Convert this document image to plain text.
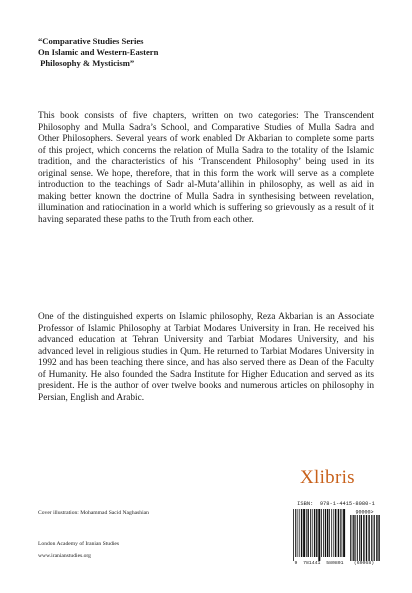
“Comparative Studies Series
On Islamic and Western-Eastern
Philosophy & Mysticism”
This book consists of five chapters, written on two categories: The Transcendent Philosophy and Mulla Sadra’s School, and Comparative Studies of Mulla Sadra and Other Philosophers. Several years of work enabled Dr Akbarian to complete some parts of this project, which concerns the relation of Mulla Sadra to the totality of the Islamic tradition, and the characteristics of his ‘Transcendent Philosophy’ being used in its original sense. We hope, therefore, that in this form the work will serve as a complete introduction to the teachings of Sadr al-Muta’allihin in philosophy, as well as aid in making better known the doctrine of Mulla Sadra in synthesising between revelation, illumination and ratiocination in a world which is suffering so grievously as a result of it having separated these paths to the Truth from each other.
One of the distinguished experts on Islamic philosophy, Reza Akbarian is an Associate Professor of Islamic Philosophy at Tarbiat Modares University in Iran. He received his advanced education at Tehran University and Tarbiat Modares University, and his advanced level in religious studies in Qum. He returned to Tarbiat Modares University in 1992 and has been teaching there since, and has also served there as Dean of the Faculty of Humanity. He also founded the Sadra Institute for Higher Education and served as its president. He is the author of over twelve books and numerous articles on philosophy in Persian, English and Arabic.
Xlibris
Cover illustration: Mohammad Sacid Naghashian
London Academy of Iranian Studies
www.iranianstudies.org
ISBN:  978-1-4415-8080-1
90000>
9  781441  580801	(69068)
